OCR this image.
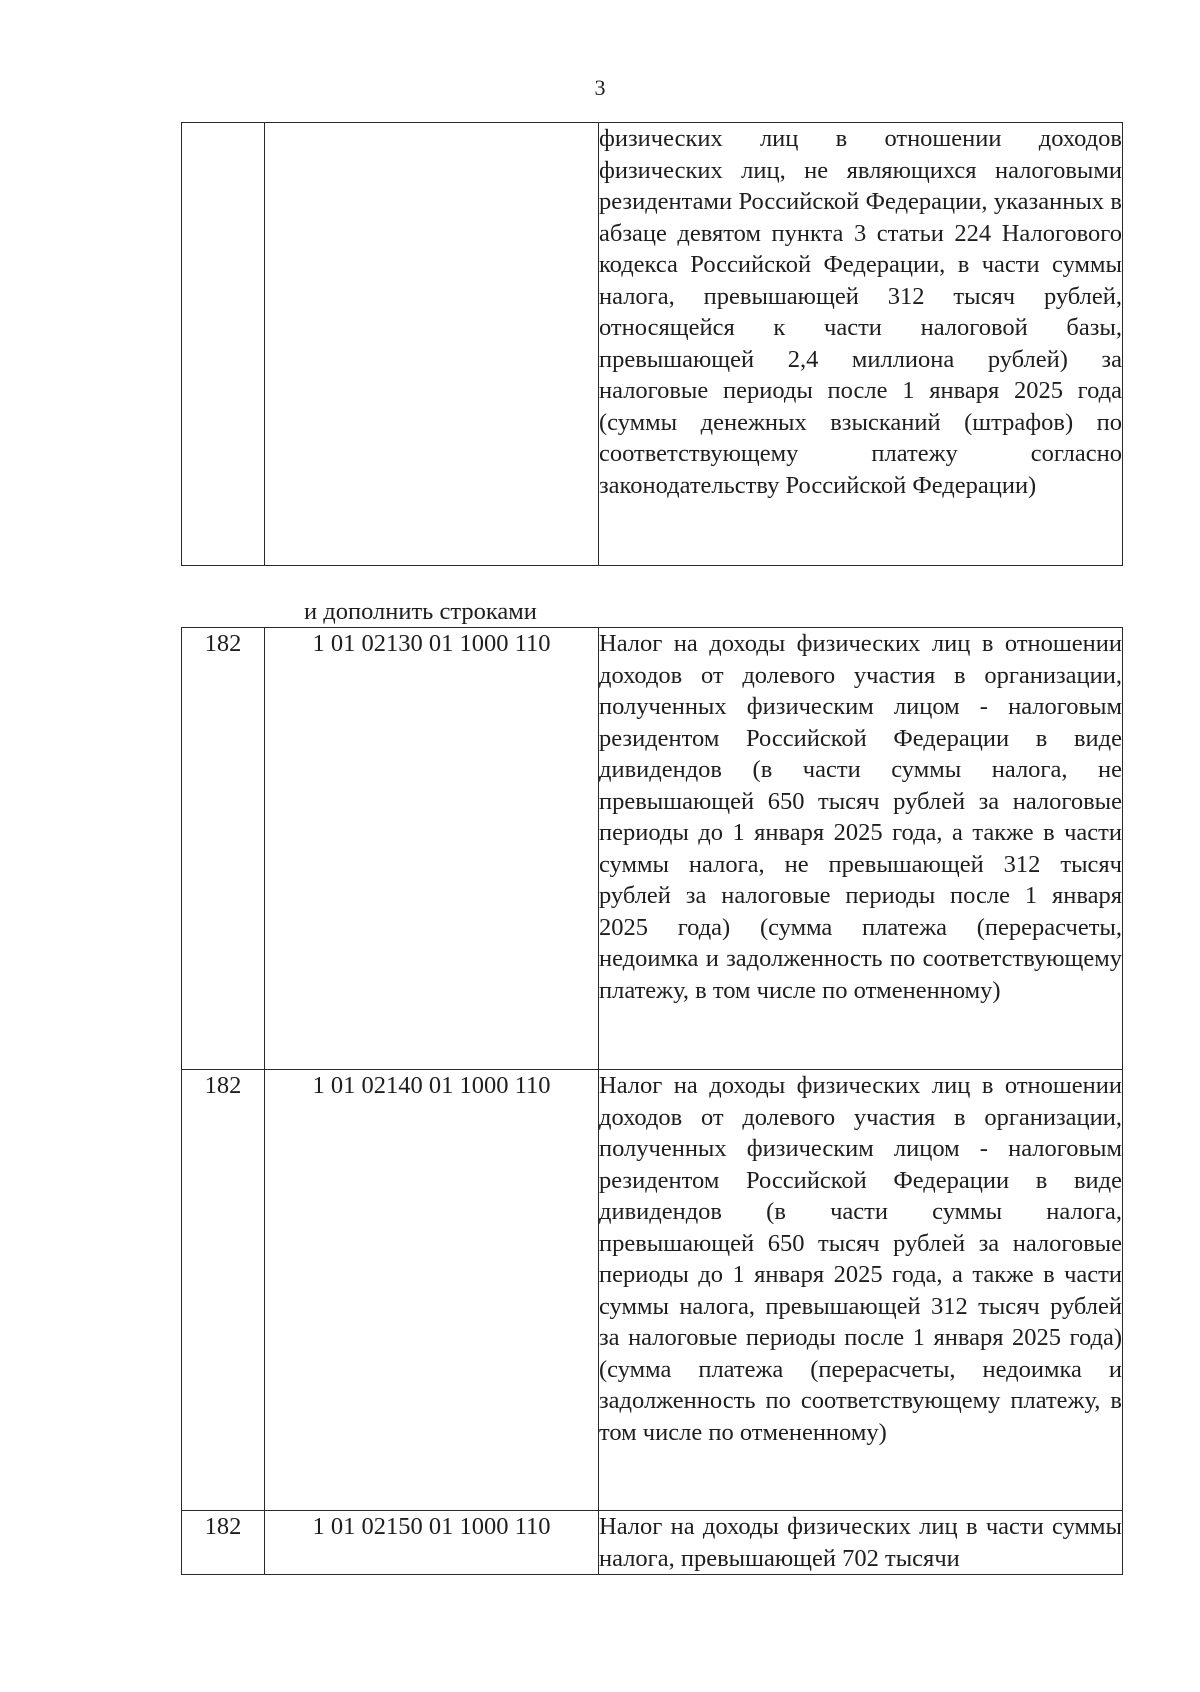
3
		физических лиц в отношении доходов физических лиц, не являющихся налоговыми резидентами Российской Федерации, указанных в абзаце девятом пункта 3 статьи 224 Налогового кодекса Российской Федерации, в части суммы налога, превышающей 312 тысяч рублей, относящейся к части налоговой базы, превышающей 2,4 миллиона рублей) за налоговые периоды после 1 января 2025 года (суммы денежных взысканий (штрафов) по соответствующему платежу согласно законодательству Российской Федерации)
и дополнить строками
182	1 01 02130 01 1000 110	Налог на доходы физических лиц в отношении доходов от долевого участия в организации, полученных физическим лицом - налоговым резидентом Российской Федерации в виде дивидендов (в части суммы налога, не превышающей 650 тысяч рублей за налоговые периоды до 1 января 2025 года, а также в части суммы налога, не превышающей 312 тысяч рублей за налоговые периоды после 1 января 2025 года) (сумма платежа (перерасчеты, недоимка и задолженность по соответствующему платежу, в том числе по отмененному)
182	1 01 02140 01 1000 110	Налог на доходы физических лиц в отношении доходов от долевого участия в организации, полученных физическим лицом - налоговым резидентом Российской Федерации в виде дивидендов (в части суммы налога, превышающей 650 тысяч рублей за налоговые периоды до 1 января 2025 года, а также в части суммы налога, превышающей 312 тысяч рублей за налоговые периоды после 1 января 2025 года) (сумма платежа (перерасчеты, недоимка и задолженность по соответствующему платежу, в том числе по отмененному)
182	1 01 02150 01 1000 110	Налог на доходы физических лиц в части суммы налога, превышающей 702 тысячи
